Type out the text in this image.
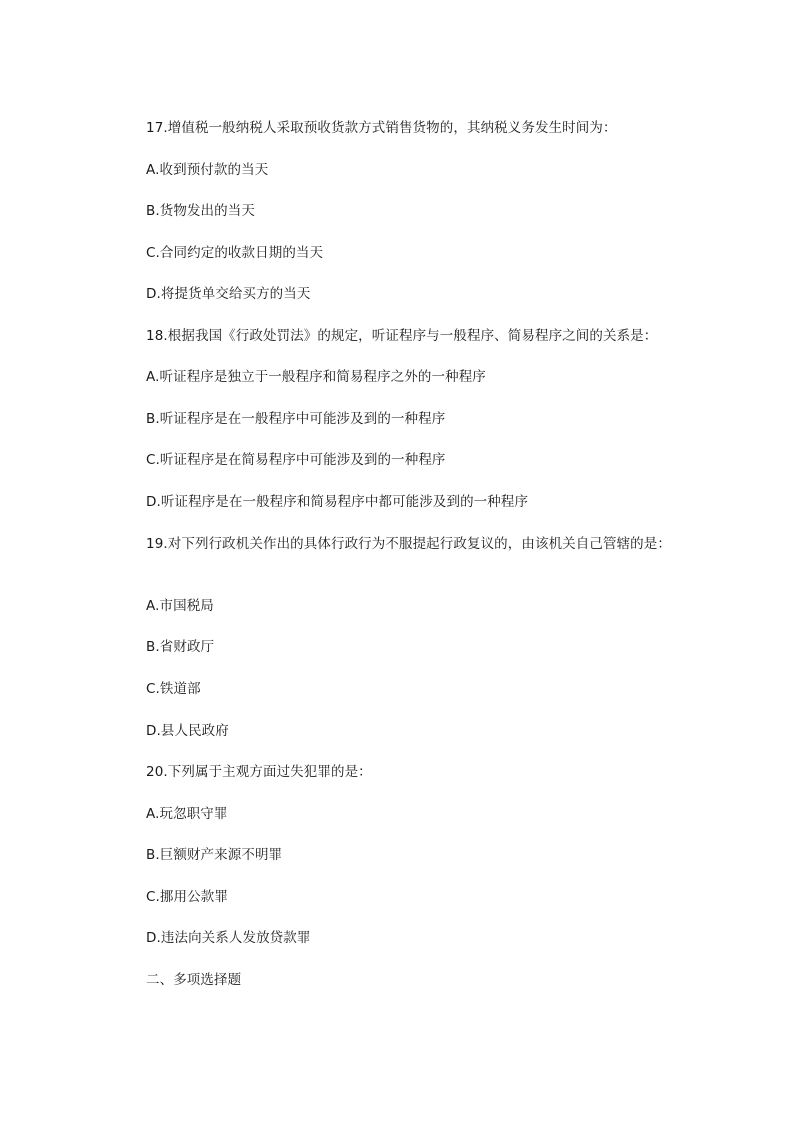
17.增值税一般纳税人采取预收货款方式销售货物的，其纳税义务发生时间为：
A.收到预付款的当天
B.货物发出的当天
C.合同约定的收款日期的当天
D.将提货单交给买方的当天
18.根据我国《行政处罚法》的规定，听证程序与一般程序、简易程序之间的关系是：
A.听证程序是独立于一般程序和简易程序之外的一种程序
B.听证程序是在一般程序中可能涉及到的一种程序
C.听证程序是在简易程序中可能涉及到的一种程序
D.听证程序是在一般程序和简易程序中都可能涉及到的一种程序
19.对下列行政机关作出的具体行政行为不服提起行政复议的，由该机关自己管辖的是：
A.市国税局
B.省财政厅
C.铁道部
D.县人民政府
20.下列属于主观方面过失犯罪的是：
A.玩忽职守罪
B.巨额财产来源不明罪
C.挪用公款罪
D.违法向关系人发放贷款罪
二、多项选择题
